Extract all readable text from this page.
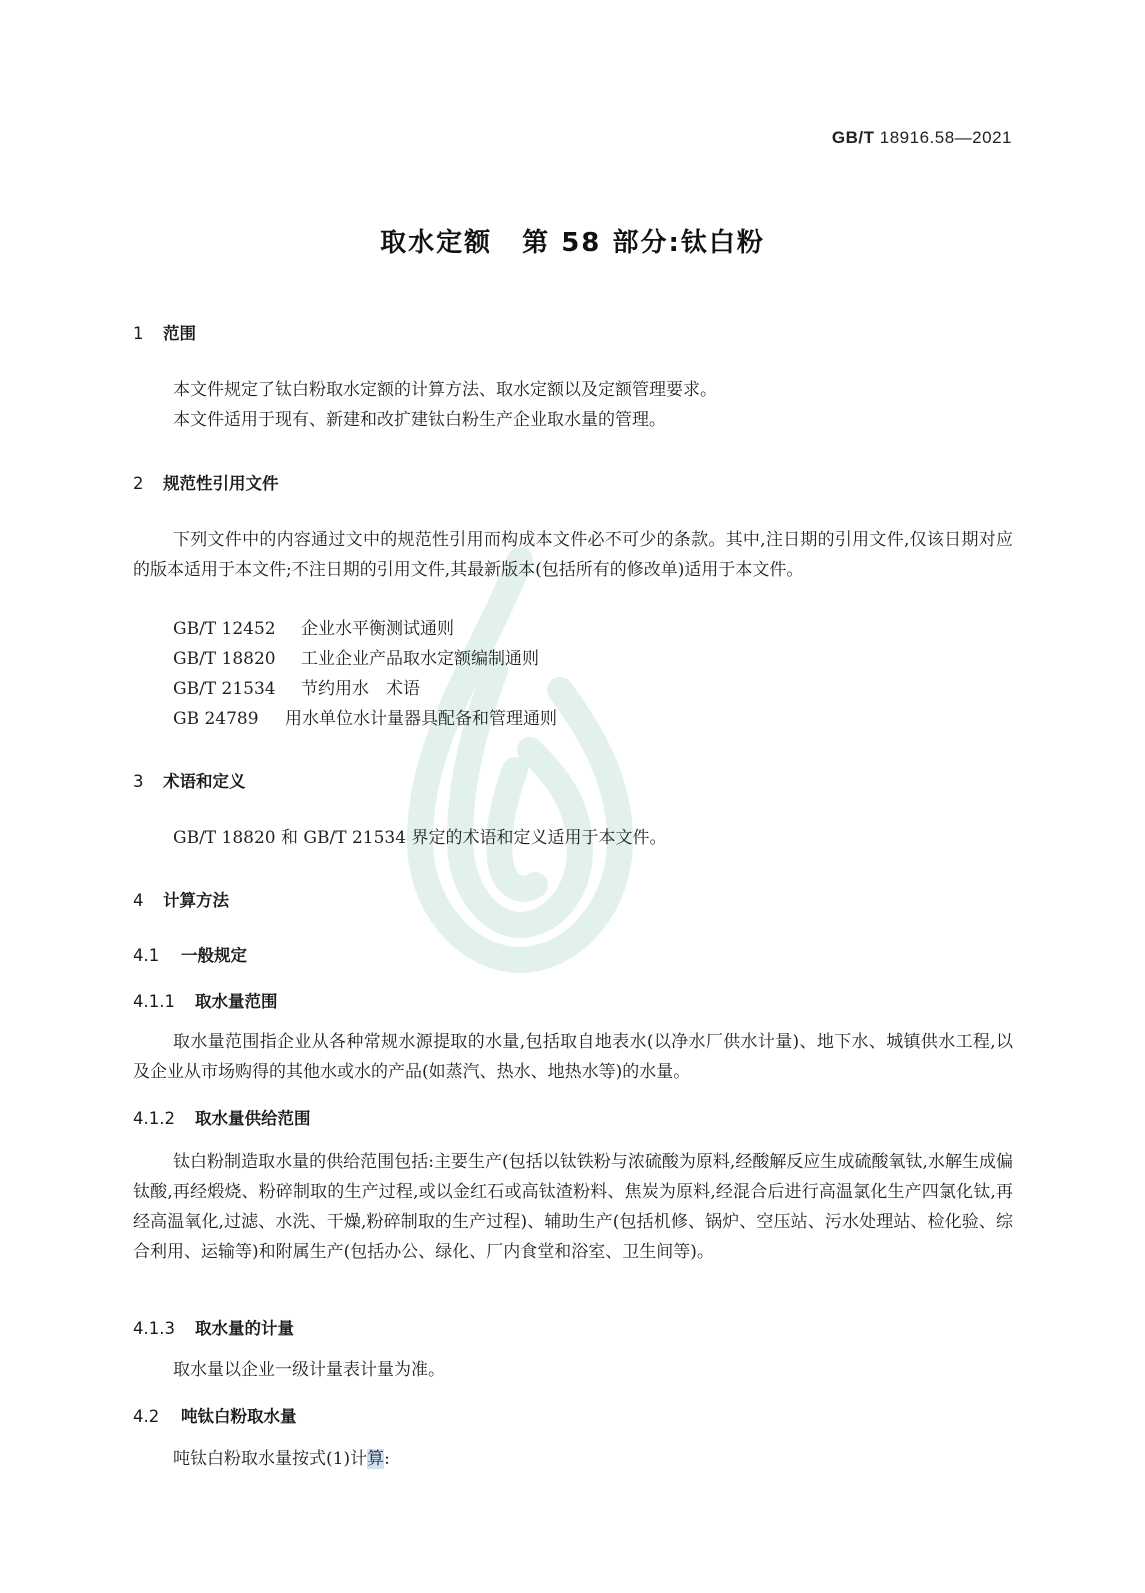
GB/T 18916.58—2021
取水定额 第 58 部分:钛白粉
1 范围
本文件规定了钛白粉取水定额的计算方法、取水定额以及定额管理要求。
本文件适用于现有、新建和改扩建钛白粉生产企业取水量的管理。
2 规范性引用文件
下列文件中的内容通过文中的规范性引用而构成本文件必不可少的条款。其中,注日期的引用文件,仅该日期对应的版本适用于本文件;不注日期的引用文件,其最新版本(包括所有的修改单)适用于本文件。
GB/T 12452 企业水平衡测试通则
GB/T 18820 工业企业产品取水定额编制通则
GB/T 21534 节约用水　术语
GB 24789 用水单位水计量器具配备和管理通则
3 术语和定义
GB/T 18820 和 GB/T 21534 界定的术语和定义适用于本文件。
4 计算方法
4.1 一般规定
4.1.1 取水量范围
取水量范围指企业从各种常规水源提取的水量,包括取自地表水(以净水厂供水计量)、地下水、城镇供水工程,以及企业从市场购得的其他水或水的产品(如蒸汽、热水、地热水等)的水量。
4.1.2 取水量供给范围
钛白粉制造取水量的供给范围包括:主要生产(包括以钛铁粉与浓硫酸为原料,经酸解反应生成硫酸氧钛,水解生成偏钛酸,再经煅烧、粉碎制取的生产过程,或以金红石或高钛渣粉料、焦炭为原料,经混合后进行高温氯化生产四氯化钛,再经高温氧化,过滤、水洗、干燥,粉碎制取的生产过程)、辅助生产(包括机修、锅炉、空压站、污水处理站、检化验、综合利用、运输等)和附属生产(包括办公、绿化、厂内食堂和浴室、卫生间等)。
4.1.3 取水量的计量
取水量以企业一级计量表计量为准。
4.2 吨钛白粉取水量
吨钛白粉取水量按式(1)计算:
